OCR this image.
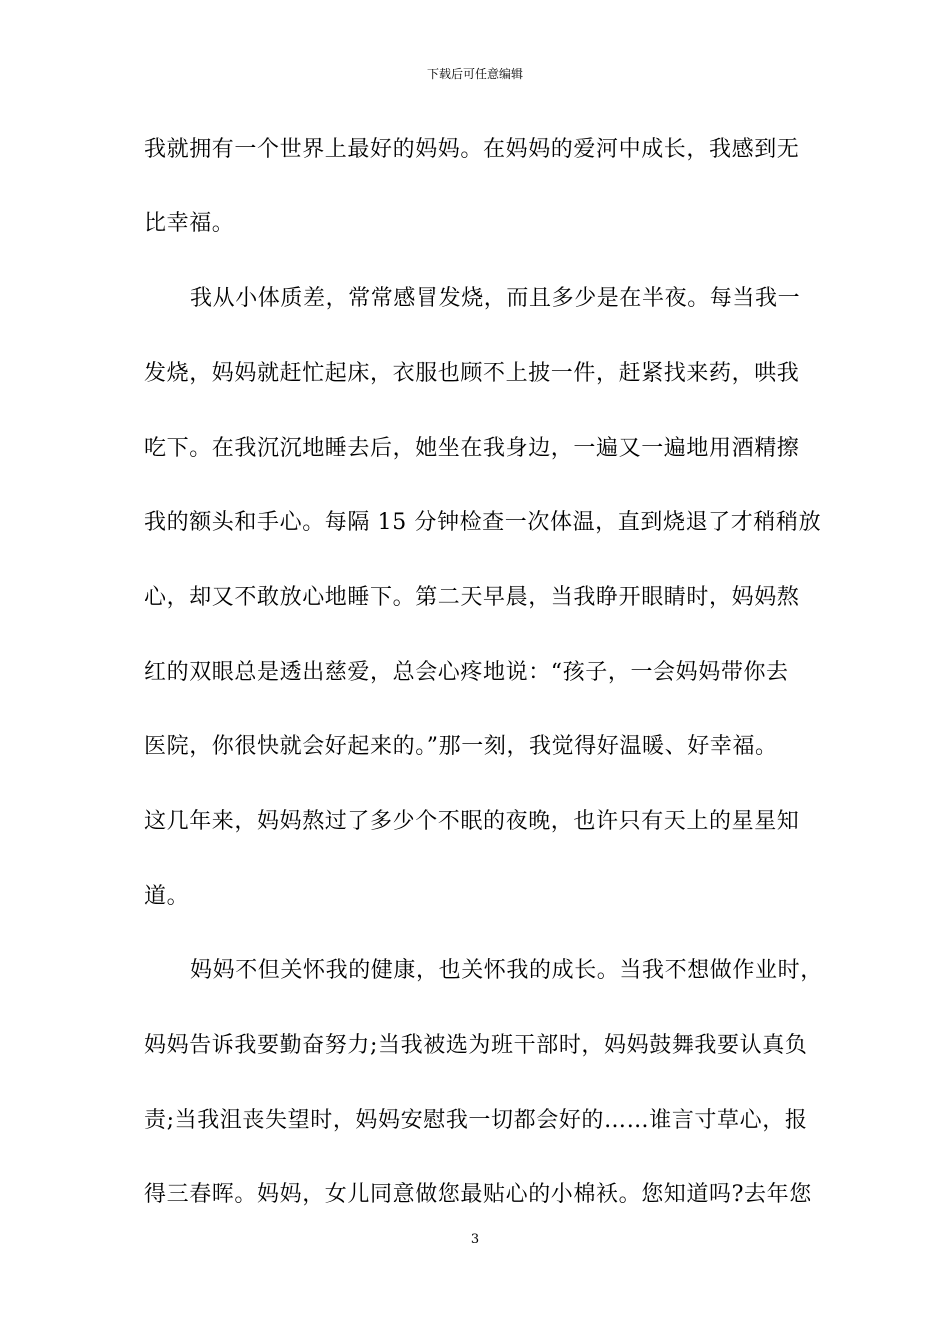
下载后可任意编辑
我就拥有一个世界上最好的妈妈。在妈妈的爱河中成长，我感到无
比幸福。
我从小体质差，常常感冒发烧，而且多少是在半夜。每当我一
发烧，妈妈就赶忙起床，衣服也顾不上披一件，赶紧找来药，哄我
吃下。在我沉沉地睡去后，她坐在我身边，一遍又一遍地用酒精擦
我的额头和手心。每隔 15 分钟检查一次体温，直到烧退了才稍稍放
心，却又不敢放心地睡下。第二天早晨，当我睁开眼睛时，妈妈熬
红的双眼总是透出慈爱，总会心疼地说：“孩子，一会妈妈带你去
医院，你很快就会好起来的。”那一刻，我觉得好温暖、好幸福。
这几年来，妈妈熬过了多少个不眠的夜晚，也许只有天上的星星知
道。
妈妈不但关怀我的健康，也关怀我的成长。当我不想做作业时，
妈妈告诉我要勤奋努力;当我被选为班干部时，妈妈鼓舞我要认真负
责;当我沮丧失望时，妈妈安慰我一切都会好的……谁言寸草心，报
得三春晖。妈妈，女儿同意做您最贴心的小棉袄。您知道吗?去年您
3
